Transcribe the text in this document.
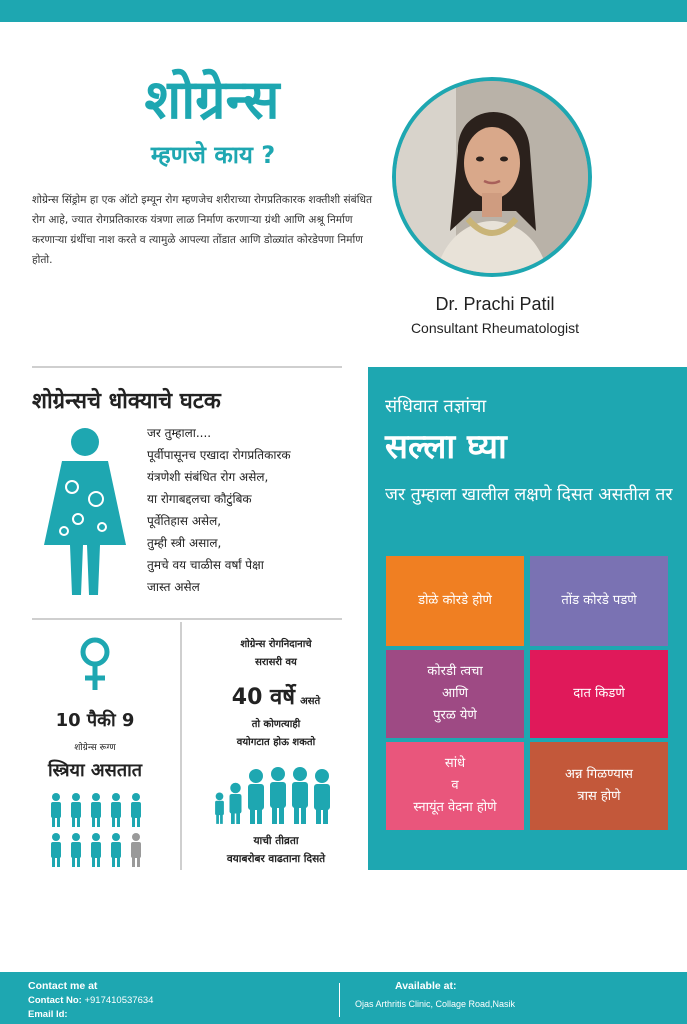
शोग्रेन्स
म्हणजे काय ?

शोग्रेन्स सिंड्रोम हा एक ऑटो इम्यून रोग म्हणजेच शरीराच्या रोगप्रतिकारक शक्तीशी संबंधित रोग आहे, ज्यात रोगप्रतिकारक यंत्रणा लाळ निर्माण करणाऱ्या ग्रंथी आणि अश्रू निर्माण करणाऱ्या ग्रंथींचा नाश करते व त्यामुळे आपल्या तोंडात आणि डोळ्यांत कोरडेपणा निर्माण होतो.

Dr. Prachi Patil
Consultant Rheumatologist
शोग्रेन्सचे धोक्याचे घटक
जर तुम्हाला....
पूर्वीपासूनच एखादा रोगप्रतिकारक
यंत्रणेशी संबंधित रोग असेल,
या रोगाबद्दलचा कौटुंबिक
पूर्वेतिहास असेल,
तुम्ही स्त्री असाल,
तुमचे वय चाळीस वर्षां पेक्षा
जास्त असेल
10 पैकी 9
शोग्रेन्स रूग्ण
स्त्रिया असतात
शोग्रेन्स रोगनिदानाचे
सरासरी वय
40 वर्षे असते
तो कोणत्याही
वयोगटात होऊ शकतो
याची तीव्रता
वयाबरोबर वाढताना दिसते
संधिवात तज्ञांचा
सल्ला घ्या
जर तुम्हाला खालील लक्षणे दिसत असतील तर
डोळे कोरडे होणे	तोंड कोरडे पडणे
कोरडी त्वचा
आणि
पुरळ येणे
दात किडणे
सांधे
व
स्नायूंत वेदना होणे
अन्न गिळण्यास
त्रास होणे
Contact me at
Contact No: +917410537634
Email Id:
Available at:
Ojas Arthritis Clinic, Collage Road,Nasik
